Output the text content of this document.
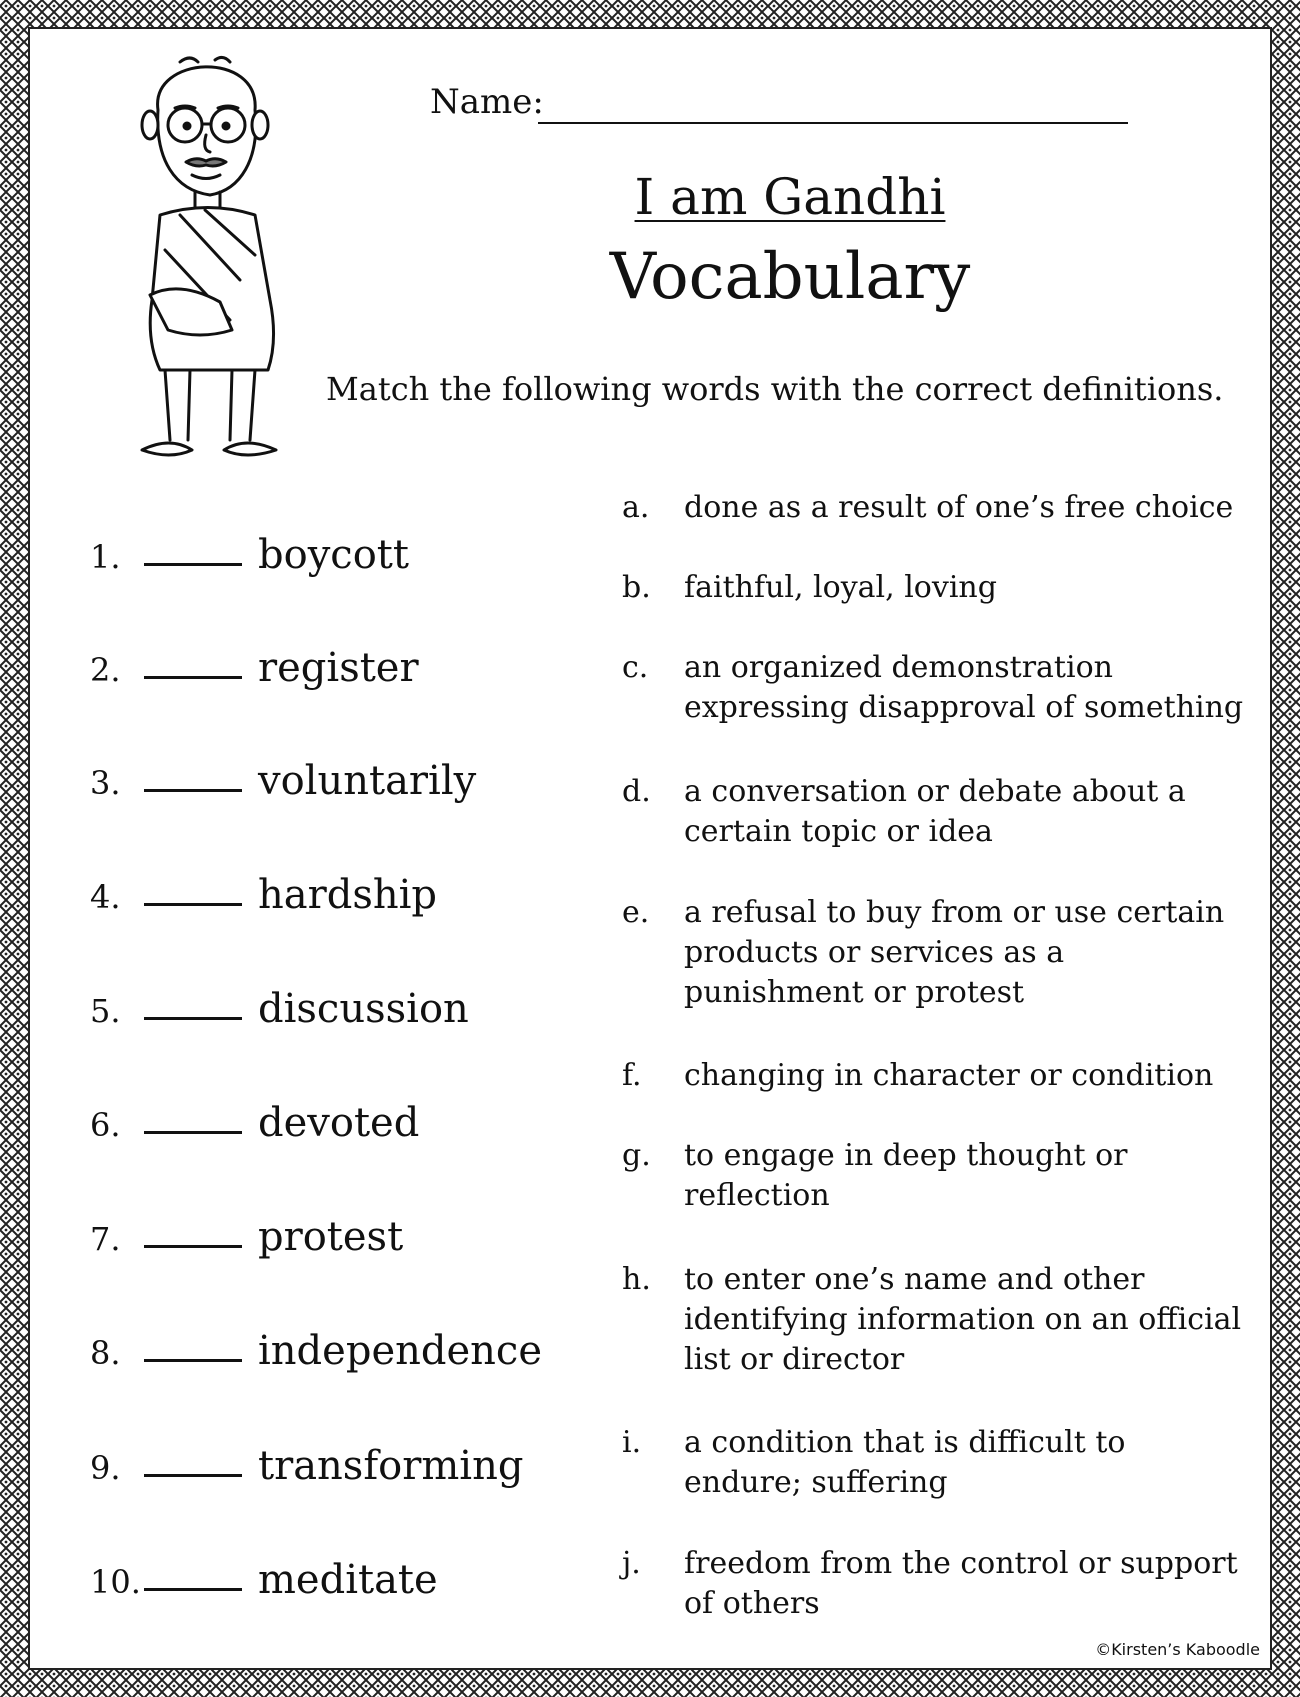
Name:
I am Gandhi
Vocabulary
Match the following words with the correct definitions.
1.	boycott
2.	register
3.	voluntarily
4.	hardship
5.	discussion
6.	devoted
7.	protest
8.	independence
9.	transforming
10.	meditate
a.	done as a result of one’s free choice
b.	faithful, loyal, loving
c.	an organized demonstration expressing disapproval of something
d.	a conversation or debate about a certain topic or idea
e.	a refusal to buy from or use certain products or services as a punishment or protest
f.	changing in character or condition
g.	to engage in deep thought or reflection
h.	to enter one’s name and other identifying information on an official list or director
i.	a condition that is difficult to endure; suffering
j.	freedom from the control or support of others
©Kirsten’s Kaboodle
